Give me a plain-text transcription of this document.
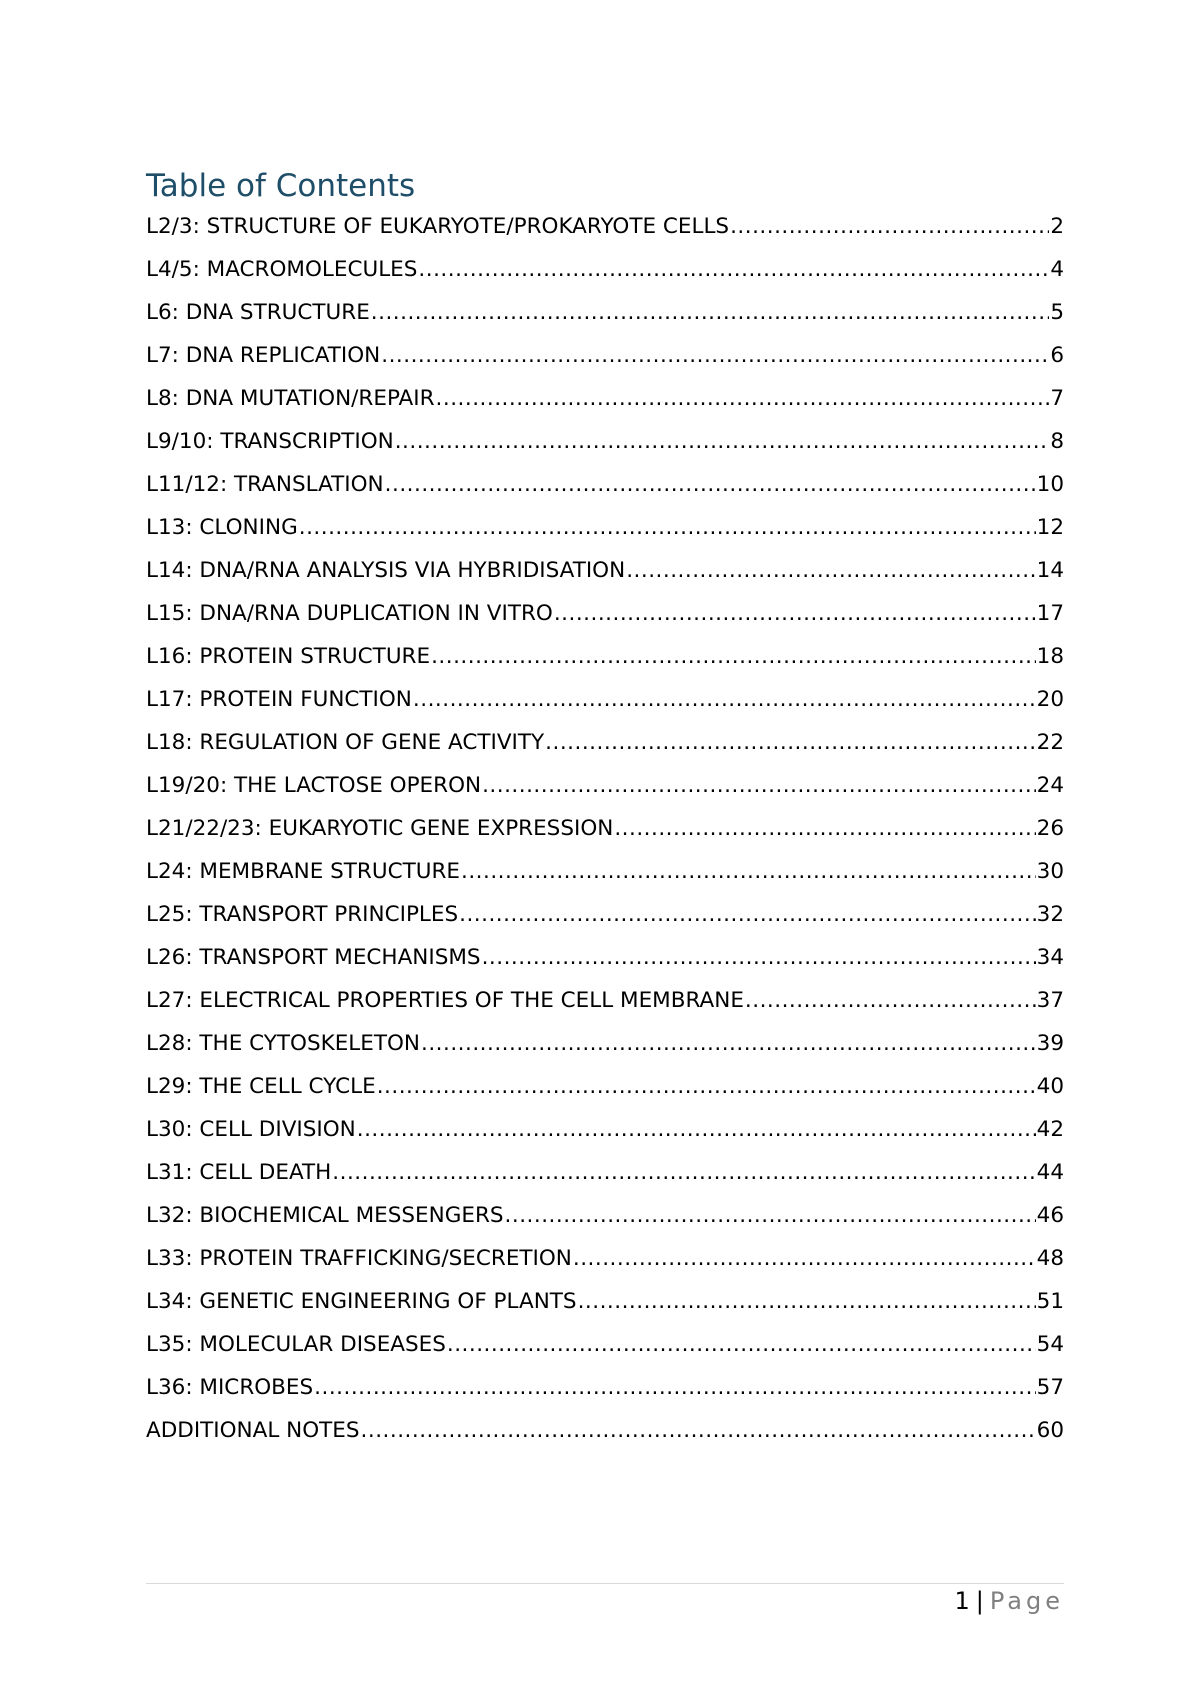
Table of Contents
L2/3: STRUCTURE OF EUKARYOTE/PROKARYOTE CELLS .....	2
L4/5: MACROMOLECULES .....	4
L6: DNA STRUCTURE .....	5
L7: DNA REPLICATION .....	6
L8: DNA MUTATION/REPAIR .....	7
L9/10: TRANSCRIPTION .....	8
L11/12: TRANSLATION .....	10
L13: CLONING .....	12
L14: DNA/RNA ANALYSIS VIA HYBRIDISATION .....	14
L15: DNA/RNA DUPLICATION IN VITRO .....	17
L16: PROTEIN STRUCTURE .....	18
L17: PROTEIN FUNCTION .....	20
L18: REGULATION OF GENE ACTIVITY .....	22
L19/20: THE LACTOSE OPERON .....	24
L21/22/23: EUKARYOTIC GENE EXPRESSION .....	26
L24: MEMBRANE STRUCTURE .....	30
L25: TRANSPORT PRINCIPLES .....	32
L26: TRANSPORT MECHANISMS .....	34
L27: ELECTRICAL PROPERTIES OF THE CELL MEMBRANE .....	37
L28: THE CYTOSKELETON .....	39
L29: THE CELL CYCLE .....	40
L30: CELL DIVISION .....	42
L31: CELL DEATH .....	44
L32: BIOCHEMICAL MESSENGERS .....	46
L33: PROTEIN TRAFFICKING/SECRETION .....	48
L34: GENETIC ENGINEERING OF PLANTS .....	51
L35: MOLECULAR DISEASES .....	54
L36: MICROBES .....	57
ADDITIONAL NOTES .....	60
1 | Page
